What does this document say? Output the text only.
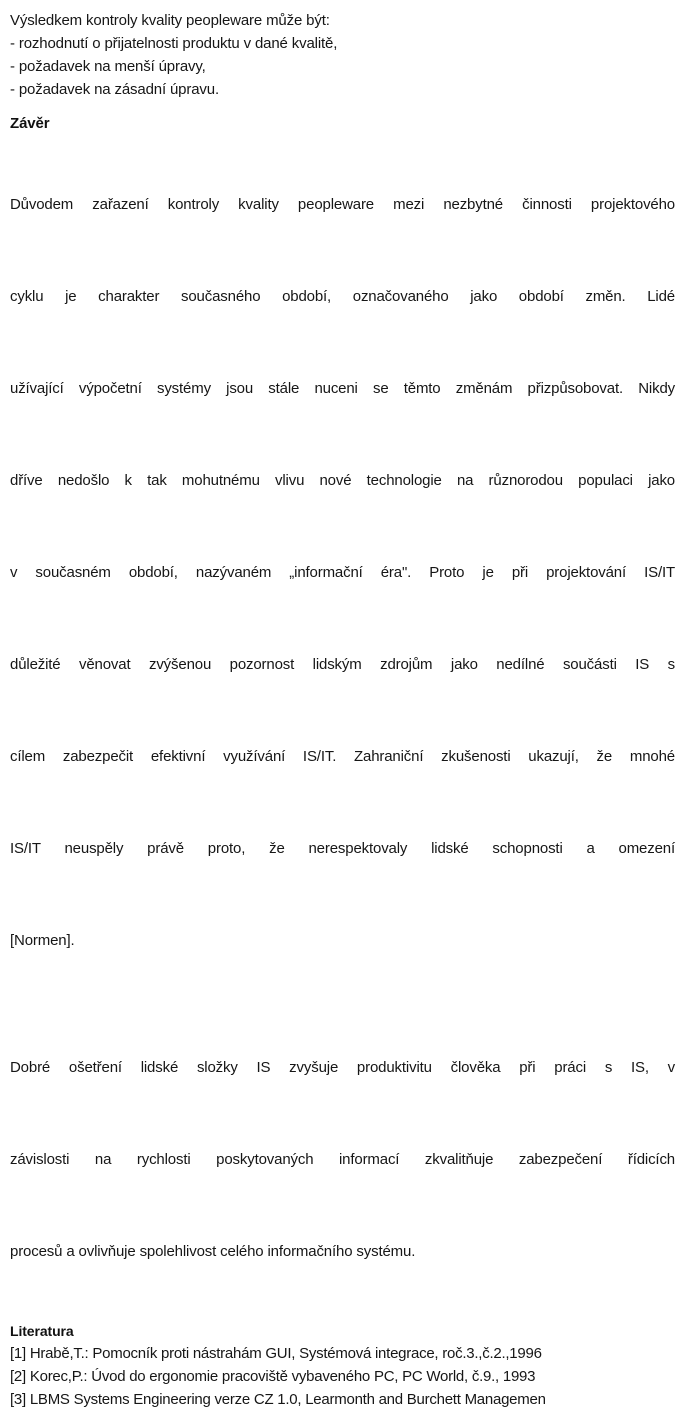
Výsledkem kontroly kvality peopleware může být:

- rozhodnutí o přijatelnosti produktu v dané kvalitě,

- požadavek na menší úpravy,

- požadavek na zásadní úpravu.

Závěr

Důvodem zařazení kontroly kvality peopleware mezi nezbytné činnosti projektového

cyklu je charakter současného období, označovaného jako období změn. Lidé

užívající výpočetní systémy jsou stále nuceni se těmto změnám přizpůsobovat. Nikdy

dříve nedošlo k tak mohutnému vlivu nové technologie na různorodou populaci jako

v současném období, nazývaném „informační éra". Proto je při projektování IS/IT

důležité věnovat zvýšenou pozornost lidským zdrojům jako nedílné součásti IS s

cílem zabezpečit efektivní využívání IS/IT. Zahraniční zkušenosti ukazují, že mnohé

IS/IT neuspěly právě proto, že nerespektovaly lidské schopnosti a omezení

[Normen].

Dobré ošetření lidské složky IS zvyšuje produktivitu člověka při práci s IS, v

závislosti na rychlosti poskytovaných informací zkvalitňuje zabezpečení řídicích

procesů a ovlivňuje spolehlivost celého informačního systému.

Literatura

[1] Hrabě,T.: Pomocník proti nástrahám GUI, Systémová integrace, roč.3.,č.2.,1996

[2] Korec,P.: Úvod do ergonomie pracoviště vybaveného PC, PC World, č.9., 1993

[3] LBMS Systems Engineering verze CZ 1.0, Learmonth and Burchett Managemen
